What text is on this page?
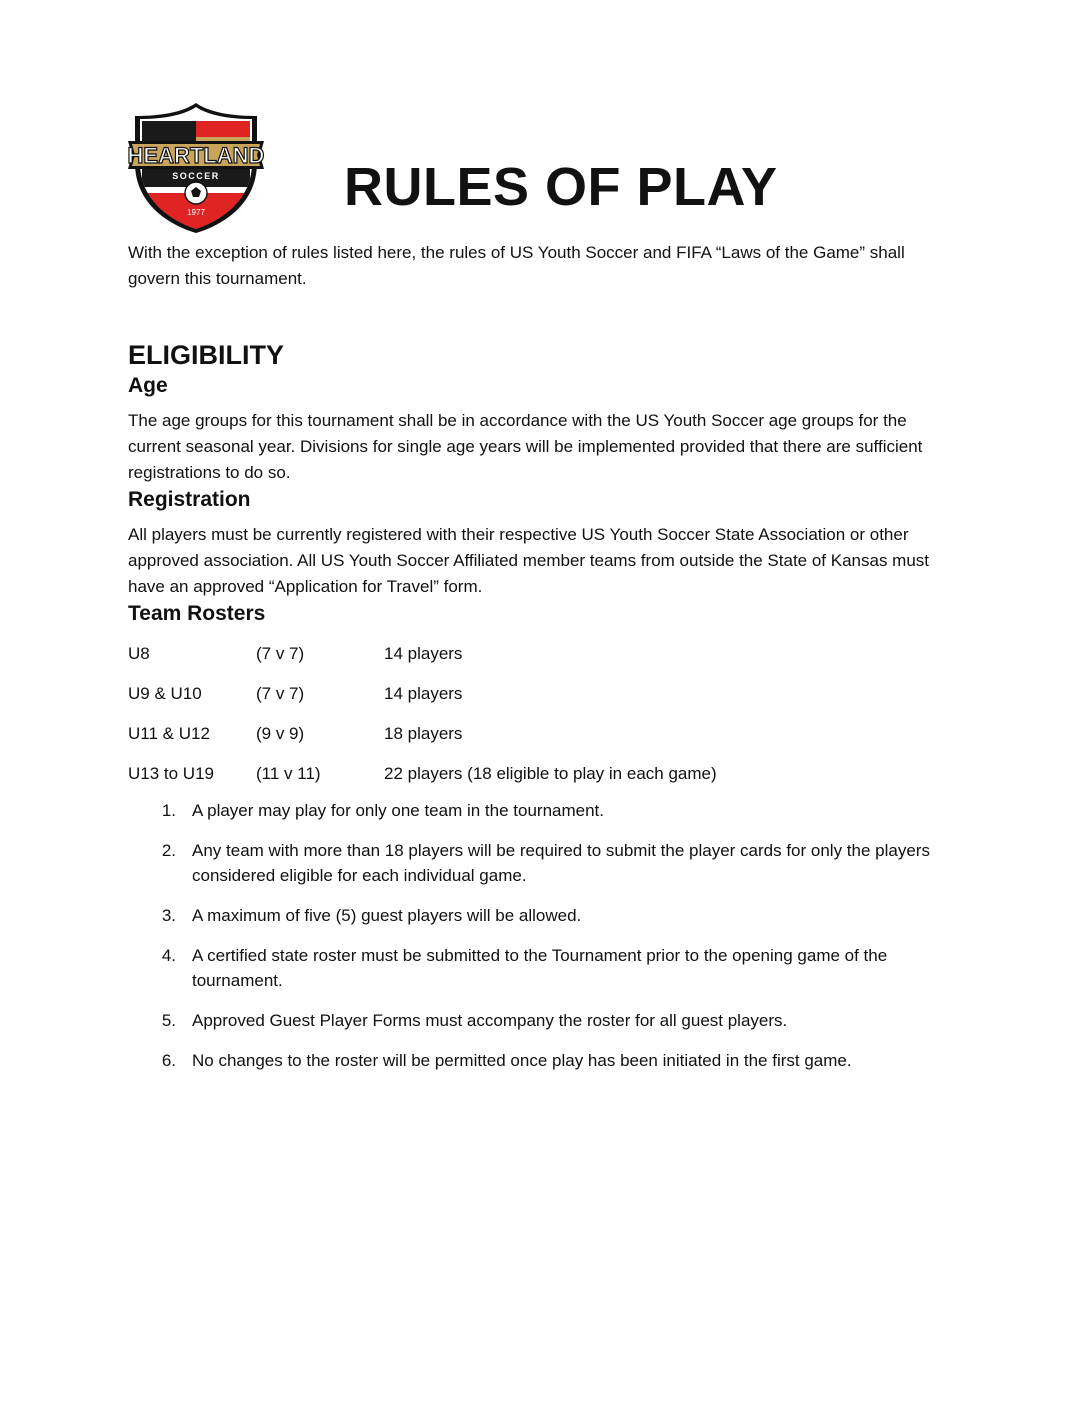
HEARTLAND
SOCCER
1977	RULES OF PLAY

With the exception of rules listed here, the rules of US Youth Soccer and FIFA “Laws of the Game” shall govern this tournament.

ELIGIBILITY
Age

The age groups for this tournament shall be in accordance with the US Youth Soccer age groups for the current seasonal year. Divisions for single age years will be implemented provided that there are sufficient registrations to do so.

Registration

All players must be currently registered with their respective US Youth Soccer State Association or other approved association. All US Youth Soccer Affiliated member teams from outside the State of Kansas must have an approved “Application for Travel” form.

Team Rosters
U8	(7 v 7)	14 players
U9 & U10	(7 v 7)	14 players
U11 & U12	(9 v 9)	18 players
U13 to U19	(11 v 11)	22 players (18 eligible to play in each game)
1. A player may play for only one team in the tournament.
2. Any team with more than 18 players will be required to submit the player cards for only the players considered eligible for each individual game.
3. A maximum of five (5) guest players will be allowed.
4. A certified state roster must be submitted to the Tournament prior to the opening game of the tournament.
5. Approved Guest Player Forms must accompany the roster for all guest players.
6. No changes to the roster will be permitted once play has been initiated in the first game.
